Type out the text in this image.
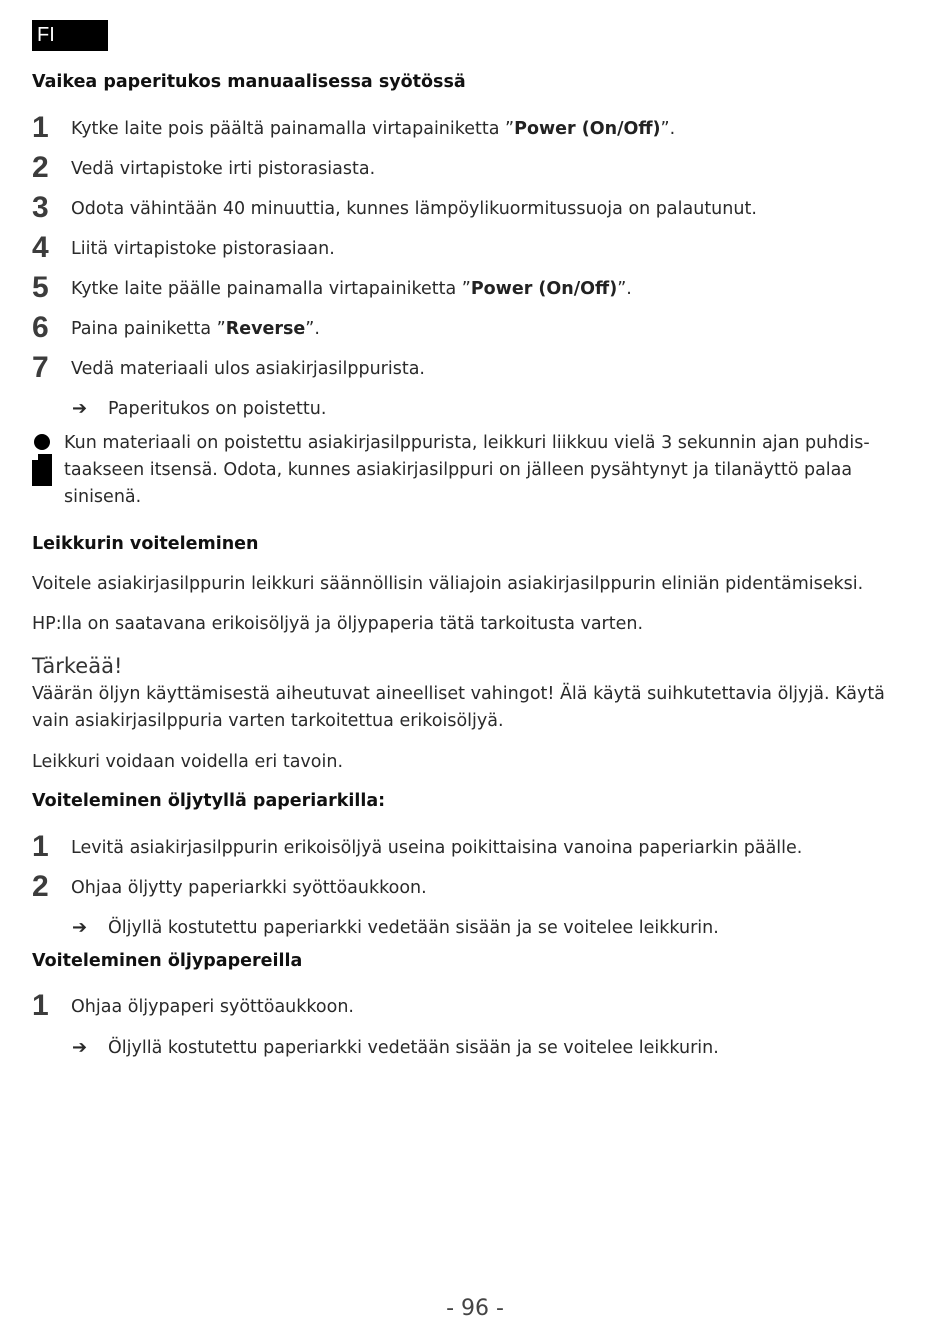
FI
Vaikea paperitukos manuaalisessa syötössä
1 Kytke laite pois päältä painamalla virtapainiketta ”Power (On/Off)”.
2 Vedä virtapistoke irti pistorasiasta.
3 Odota vähintään 40 minuuttia, kunnes lämpöylikuormitussuoja on palautunut.
4 Liitä virtapistoke pistorasiaan.
5 Kytke laite päälle painamalla virtapainiketta ”Power (On/Off)”.
6 Paina painiketta ”Reverse”.
7 Vedä materiaali ulos asiakirjasilppurista.
➔ Paperitukos on poistettu.
Kun materiaali on poistettu asiakirjasilppurista, leikkuri liikkuu vielä 3 sekunnin ajan puhdis-taakseen itsensä. Odota, kunnes asiakirjasilppuri on jälleen pysähtynyt ja tilanäyttö palaa sinisenä.
Leikkurin voiteleminen
Voitele asiakirjasilppurin leikkuri säännöllisin väliajoin asiakirjasilppurin eliniän pidentämiseksi.
HP:lla on saatavana erikoisöljyä ja öljypaperia tätä tarkoitusta varten.
Tärkeää!
Väärän öljyn käyttämisestä aiheutuvat aineelliset vahingot! Älä käytä suihkutettavia öljyjä. Käytä vain asiakirjasilppuria varten tarkoitettua erikoisöljyä.
Leikkuri voidaan voidella eri tavoin.
Voiteleminen öljytyllä paperiarkilla:
1 Levitä asiakirjasilppurin erikoisöljyä useina poikittaisina vanoina paperiarkin päälle.
2 Ohjaa öljytty paperiarkki syöttöaukkoon.
➔ Öljyllä kostutettu paperiarkki vedetään sisään ja se voitelee leikkurin.
Voiteleminen öljypapereilla
1 Ohjaa öljypaperi syöttöaukkoon.
➔ Öljyllä kostutettu paperiarkki vedetään sisään ja se voitelee leikkurin.
- 96 -
